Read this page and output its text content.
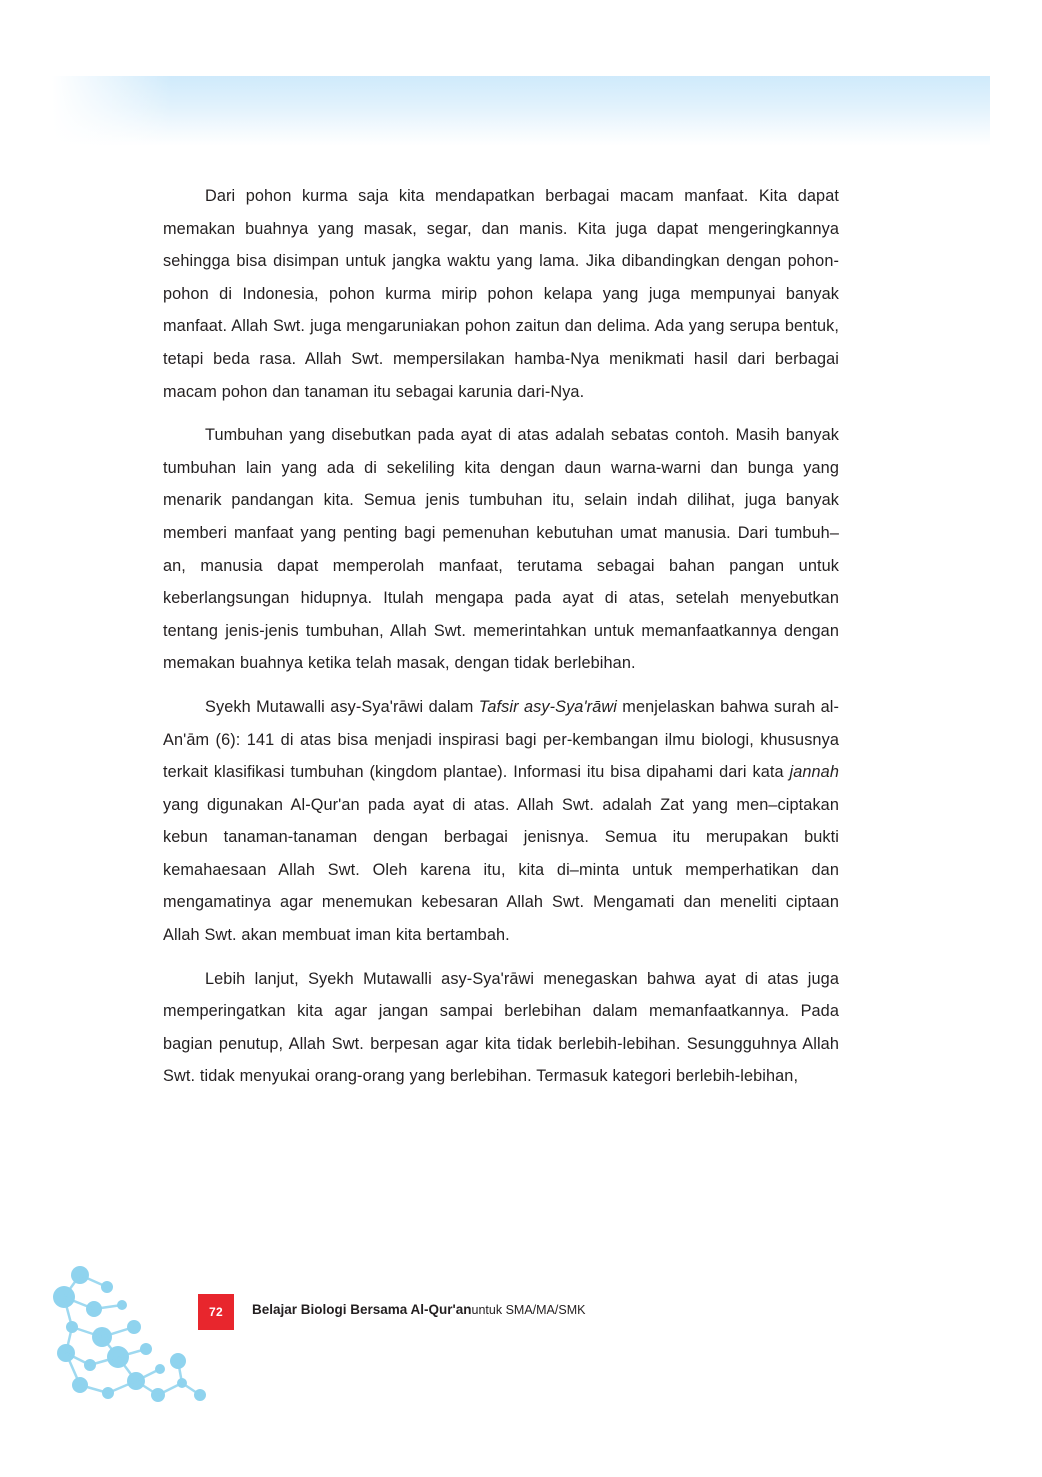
Dari pohon kurma saja kita mendapatkan berbagai macam manfaat. Kita dapat memakan buahnya yang masak, segar, dan manis. Kita juga dapat mengeringkannya sehingga bisa disimpan untuk jangka waktu yang lama. Jika dibandingkan dengan pohon-pohon di Indonesia, pohon kurma mirip pohon kelapa yang juga mempunyai banyak manfaat. Allah Swt. juga mengaruniakan pohon zaitun dan delima. Ada yang serupa bentuk, tetapi beda rasa. Allah Swt. mempersilakan hamba-Nya menikmati hasil dari berbagai macam pohon dan tanaman itu sebagai karunia dari-Nya.

Tumbuhan yang disebutkan pada ayat di atas adalah sebatas contoh. Masih banyak tumbuhan lain yang ada di sekeliling kita dengan daun warna-warni dan bunga yang menarik pandangan kita. Semua jenis tumbuhan itu, selain indah dilihat, juga banyak memberi manfaat yang penting bagi pemenuhan kebutuhan umat manusia. Dari tumbuh–an, manusia dapat memperolah manfaat, terutama sebagai bahan pangan untuk keberlangsungan hidupnya. Itulah mengapa pada ayat di atas, setelah menyebutkan tentang jenis-jenis tumbuhan, Allah Swt. memerintahkan untuk memanfaatkannya dengan memakan buahnya ketika telah masak, dengan tidak berlebihan.

Syekh Mutawalli asy-Sya'rāwi dalam Tafsir asy-Sya'rāwi menjelaskan bahwa surah al-An'ām (6): 141 di atas bisa menjadi inspirasi bagi per-kembangan ilmu biologi, khususnya terkait klasifikasi tumbuhan (kingdom plantae). Informasi itu bisa dipahami dari kata jannah yang digunakan Al-Qur'an pada ayat di atas. Allah Swt. adalah Zat yang men–ciptakan kebun tanaman-tanaman dengan berbagai jenisnya. Semua itu merupakan bukti kemahaesaan Allah Swt. Oleh karena itu, kita di–minta untuk memperhatikan dan mengamatinya agar menemukan kebesaran Allah Swt. Mengamati dan meneliti ciptaan Allah Swt. akan membuat iman kita bertambah.

Lebih lanjut, Syekh Mutawalli asy-Sya'rāwi menegaskan bahwa ayat di atas juga memperingatkan kita agar jangan sampai berlebihan dalam memanfaatkannya. Pada bagian penutup, Allah Swt. berpesan agar kita tidak berlebih-lebihan. Sesungguhnya Allah Swt. tidak menyukai orang-orang yang berlebihan. Termasuk kategori berlebih-lebihan,

72 Belajar Biologi Bersama Al-Qur'anuntuk SMA/MA/SMK
